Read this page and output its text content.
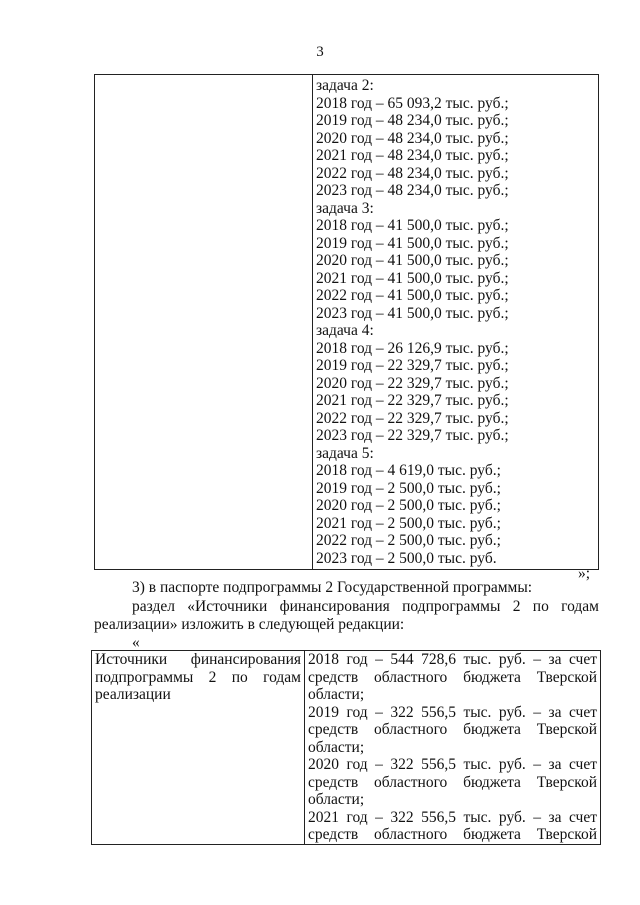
3

задача 2:
2018 год – 65 093,2 тыс. руб.;
2019 год – 48 234,0 тыс. руб.;
2020 год – 48 234,0 тыс. руб.;
2021 год – 48 234,0 тыс. руб.;
2022 год – 48 234,0 тыс. руб.;
2023 год – 48 234,0 тыс. руб.;
задача 3:
2018 год – 41 500,0 тыс. руб.;
2019 год – 41 500,0 тыс. руб.;
2020 год – 41 500,0 тыс. руб.;
2021 год – 41 500,0 тыс. руб.;
2022 год – 41 500,0 тыс. руб.;
2023 год – 41 500,0 тыс. руб.;
задача 4:
2018 год – 26 126,9 тыс. руб.;
2019 год – 22 329,7 тыс. руб.;
2020 год – 22 329,7 тыс. руб.;
2021 год – 22 329,7 тыс. руб.;
2022 год – 22 329,7 тыс. руб.;
2023 год – 22 329,7 тыс. руб.;
задача 5:
2018 год – 4 619,0 тыс. руб.;
2019 год – 2 500,0 тыс. руб.;
2020 год – 2 500,0 тыс. руб.;
2021 год – 2 500,0 тыс. руб.;
2022 год – 2 500,0 тыс. руб.;
2023 год – 2 500,0 тыс. руб.
»;
3) в паспорте подпрограммы 2 Государственной программы:
раздел «Источники финансирования подпрограммы 2 по годам
реализации» изложить в следующей редакции:
«
Источники финансирования
подпрограммы 2 по годам
реализации

2018 год – 544 728,6 тыс. руб. – за счет
средств областного бюджета Тверской
области;
2019 год – 322 556,5 тыс. руб. – за счет
средств областного бюджета Тверской
области;
2020 год – 322 556,5 тыс. руб. – за счет
средств областного бюджета Тверской
области;
2021 год – 322 556,5 тыс. руб. – за счет
средств областного бюджета Тверской
